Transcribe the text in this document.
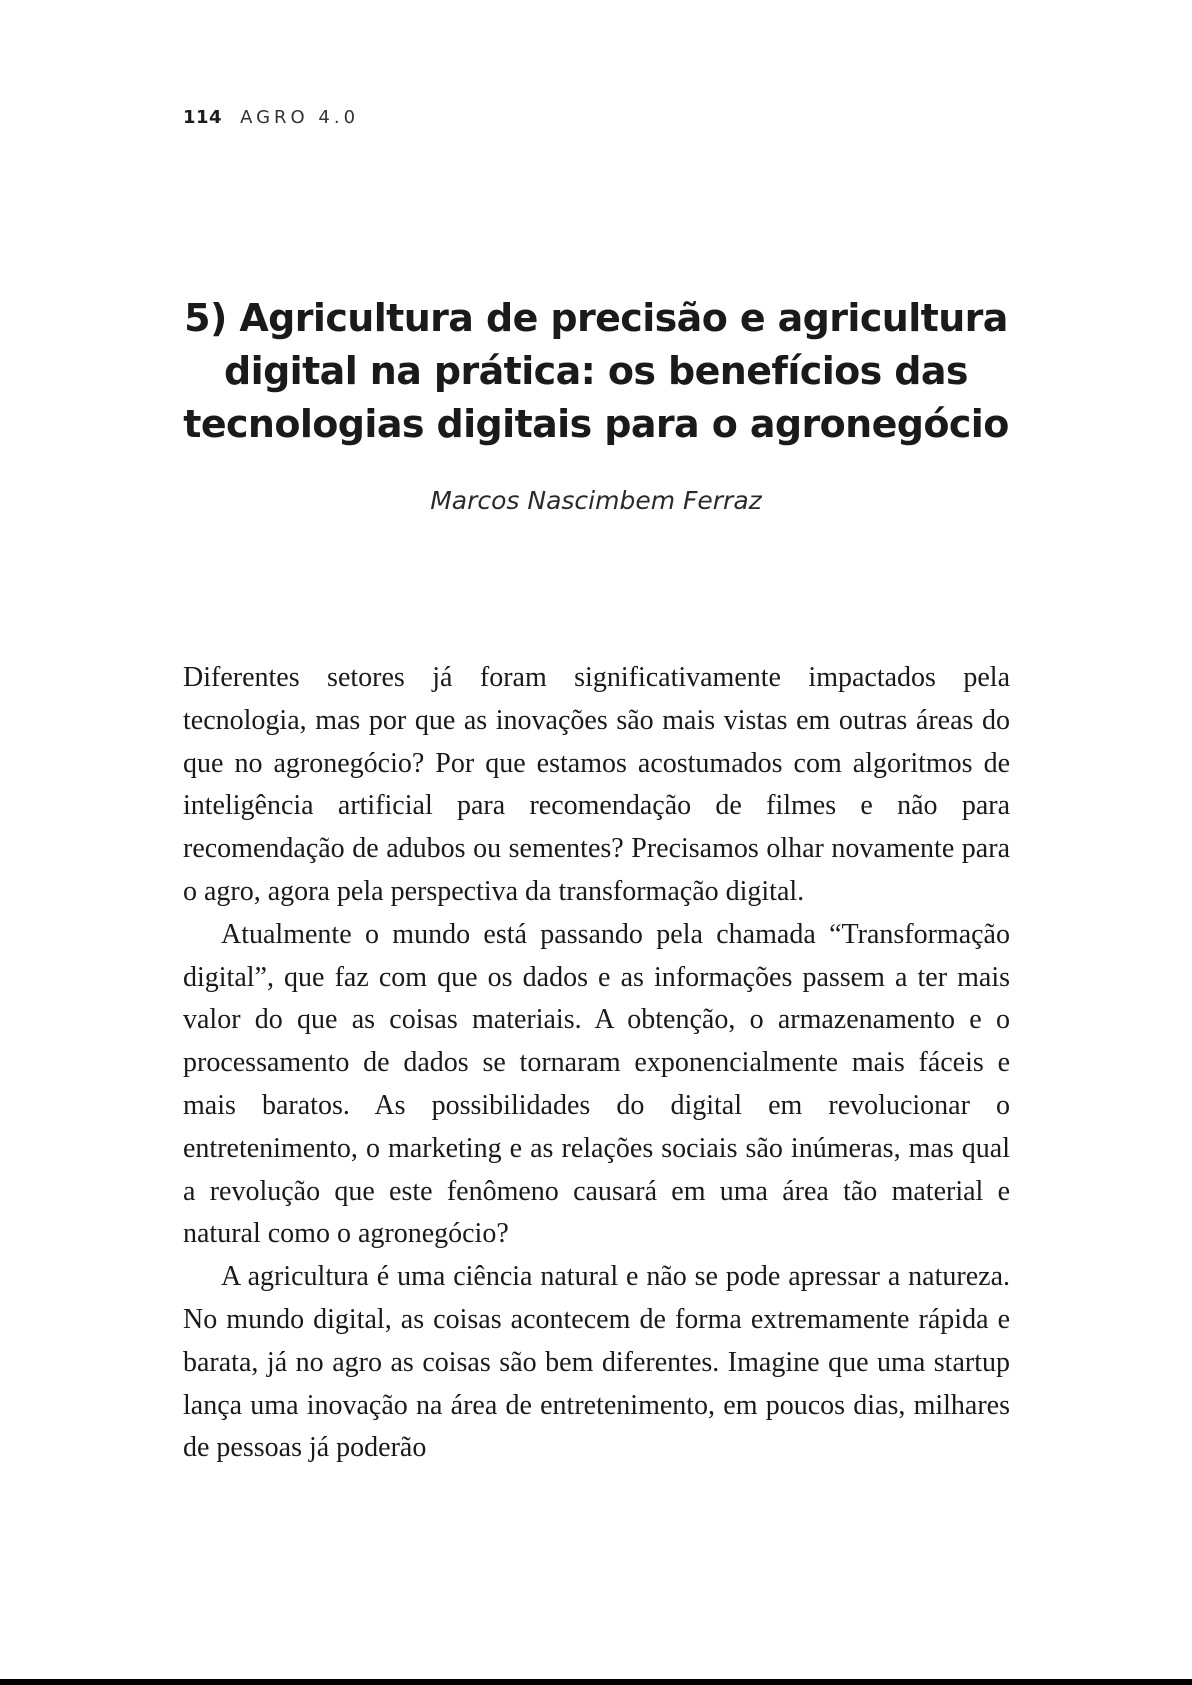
114 AGRO 4.0
5) Agricultura de precisão e agricultura
digital na prática: os benefícios das
tecnologias digitais para o agronegócio
Marcos Nascimbem Ferraz

Diferentes setores já foram significativamente impactados pela tecnologia, mas por que as inovações são mais vistas em outras áreas do que no agronegócio? Por que estamos acostumados com algoritmos de inteligência artificial para recomendação de filmes e não para recomendação de adubos ou sementes? Precisamos olhar novamente para o agro, agora pela perspectiva da transformação digital.

Atualmente o mundo está passando pela chamada “Transformação digital”, que faz com que os dados e as informações passem a ter mais valor do que as coisas materiais. A obtenção, o armazenamento e o processamento de dados se tornaram exponencialmente mais fáceis e mais baratos. As possibilidades do digital em revolucionar o entretenimento, o marketing e as relações sociais são inúmeras, mas qual a revolução que este fenômeno causará em uma área tão material e natural como o agronegócio?

A agricultura é uma ciência natural e não se pode apressar a natureza. No mundo digital, as coisas acontecem de forma extremamente rápida e barata, já no agro as coisas são bem diferentes. Imagine que uma startup lança uma inovação na área de entretenimento, em poucos dias, milhares de pessoas já poderão
